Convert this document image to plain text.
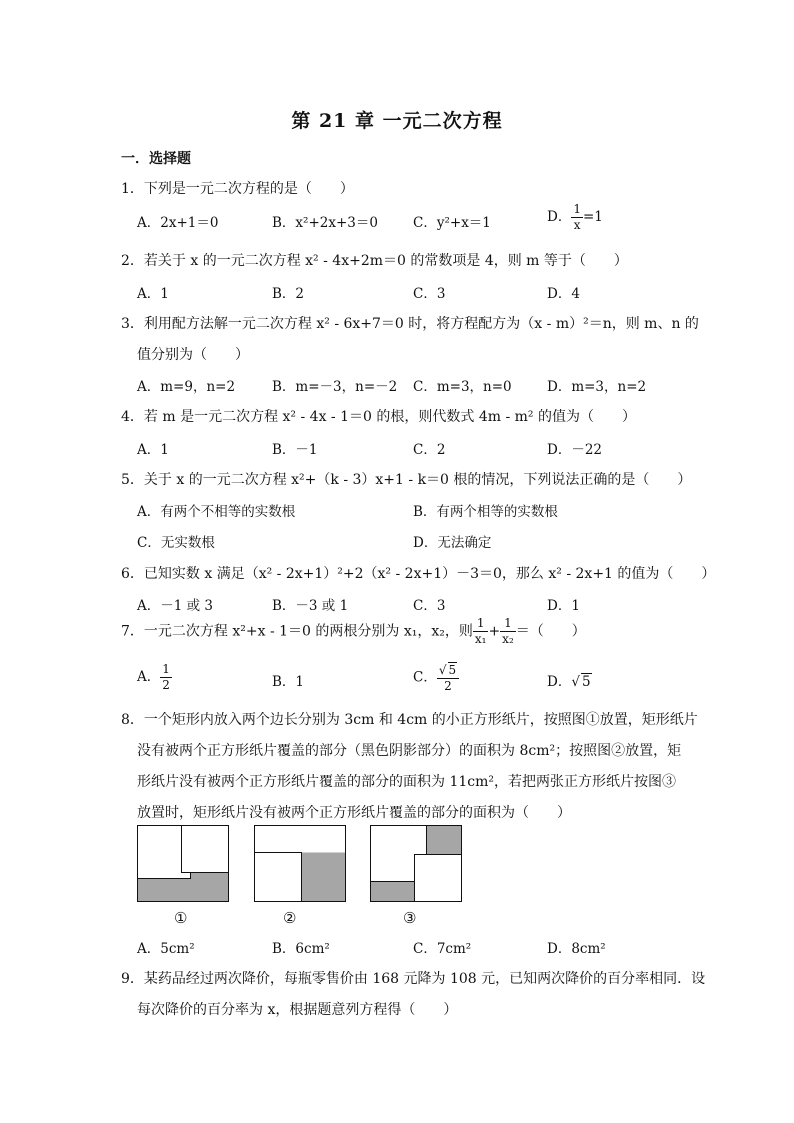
第 21 章 一元二次方程
一．选择题
1．下列是一元二次方程的是（　　）
A．2x+1＝0	B．x²+2x+3＝0	C．y²+x＝1	D． $\frac{1}{x} =1$
2．若关于 x 的一元二次方程 x² - 4x+2m＝0 的常数项是 4，则 m 等于（　　）
A．1	B．2	C．3	D．4
3．利用配方法解一元二次方程 x² - 6x+7＝0 时，将方程配方为（x - m）²＝n，则 m、n 的
值分别为（　　）
A．m=9，n=2	B．m=－3，n=－2 C．m=3，n=0	D．m=3，n=2
4．若 m 是一元二次方程 x² - 4x - 1＝0 的根，则代数式 4m - m² 的值为（　　）
A．1	B．－1	C．2	D．－22
5．关于 x 的一元二次方程 x²+（k - 3）x+1 - k＝0 根的情况，下列说法正确的是（　　）
A．有两个不相等的实数根	B．有两个相等的实数根
C．无实数根	D．无法确定
6．已知实数 x 满足（x² - 2x+1）²+2（x² - 2x+1）－3＝0，那么 x² - 2x+1 的值为（　　）
A．－1 或 3	B．－3 或 1	C．3	D．1
7．一元二次方程 x²+x - 1＝0 的两根分别为 x₁，x₂，则 $\frac{1}{\text{x₁}} + \frac{1}{\text{x₂}}$ ＝（　　）
A． $\frac{1}{2}$	B．1	C． $\frac{√ 5}{2}$	D．√ 5
8．一个矩形内放入两个边长分别为 3cm 和 4cm 的小正方形纸片，按照图①放置，矩形纸片
没有被两个正方形纸片覆盖的部分（黑色阴影部分）的面积为 8cm²；按照图②放置，矩
形纸片没有被两个正方形纸片覆盖的部分的面积为 11cm²，若把两张正方形纸片按图③
放置时，矩形纸片没有被两个正方形纸片覆盖的部分的面积为（　　）
①	②	③
A．5cm²	B．6cm²	C．7cm²	D．8cm²
9．某药品经过两次降价，每瓶零售价由 168 元降为 108 元，已知两次降价的百分率相同．设
每次降价的百分率为 x，根据题意列方程得（　　）
